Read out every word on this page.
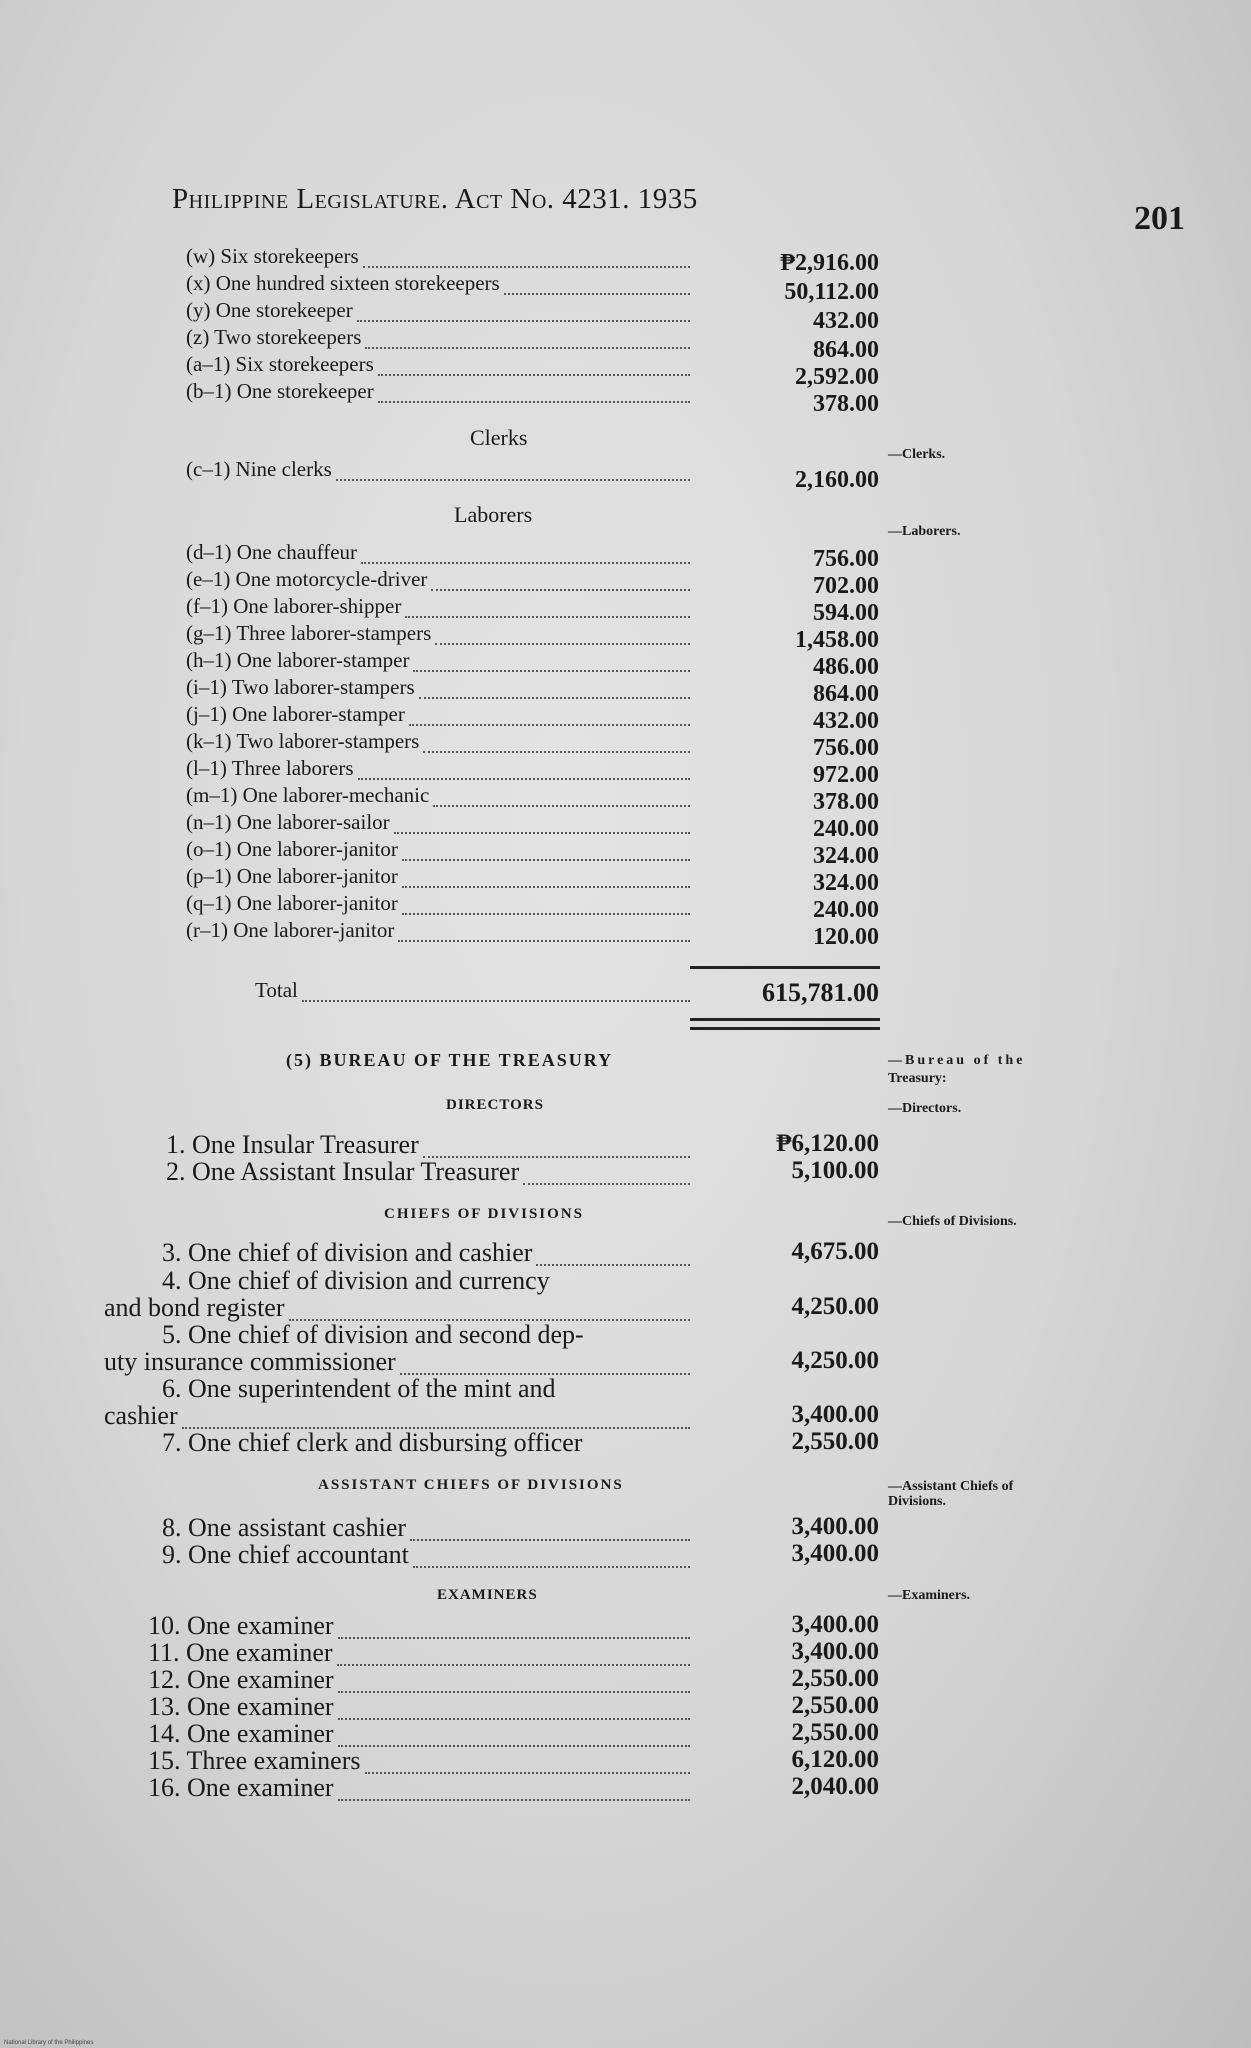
Philippine Legislature. Act No. 4231. 1935
201
(w) Six storekeepers	₱2,916.00
(x) One hundred sixteen storekeepers	50,112.00
(y) One storekeeper	432.00
(z) Two storekeepers	864.00
(a–1) Six storekeepers	2,592.00
(b–1) One storekeeper	378.00
Clerks
—Clerks.
(c–1) Nine clerks	2,160.00
Laborers
—Laborers.
(d–1) One chauffeur	756.00
(e–1) One motorcycle-driver	702.00
(f–1) One laborer-shipper	594.00
(g–1) Three laborer-stampers	1,458.00
(h–1) One laborer-stamper	486.00
(i–1) Two laborer-stampers	864.00
(j–1) One laborer-stamper	432.00
(k–1) Two laborer-stampers	756.00
(l–1) Three laborers	972.00
(m–1) One laborer-mechanic	378.00
(n–1) One laborer-sailor	240.00
(o–1) One laborer-janitor	324.00
(p–1) One laborer-janitor	324.00
(q–1) One laborer-janitor	240.00
(r–1) One laborer-janitor	120.00
Total	615,781.00
(5) BUREAU OF THE TREASURY	—Bureau of the
Treasury:
DIRECTORS	—Directors.
1. One Insular Treasurer	₱6,120.00
2. One Assistant Insular Treasurer	5,100.00
CHIEFS OF DIVISIONS	—Chiefs of Divisions.
3. One chief of division and cashier	4,675.00
4. One chief of division and currency
and bond register	4,250.00
5. One chief of division and second dep-
uty insurance commissioner	4,250.00
6. One superintendent of the mint and
cashier	3,400.00
7. One chief clerk and disbursing officer	2,550.00
ASSISTANT CHIEFS OF DIVISIONS	—Assistant Chiefs of
Divisions.
8. One assistant cashier	3,400.00
9. One chief accountant	3,400.00
EXAMINERS	—Examiners.
10. One examiner	3,400.00
11. One examiner	3,400.00
12. One examiner	2,550.00
13. One examiner	2,550.00
14. One examiner	2,550.00
15. Three examiners	6,120.00
16. One examiner	2,040.00
National Library of the Philippines
